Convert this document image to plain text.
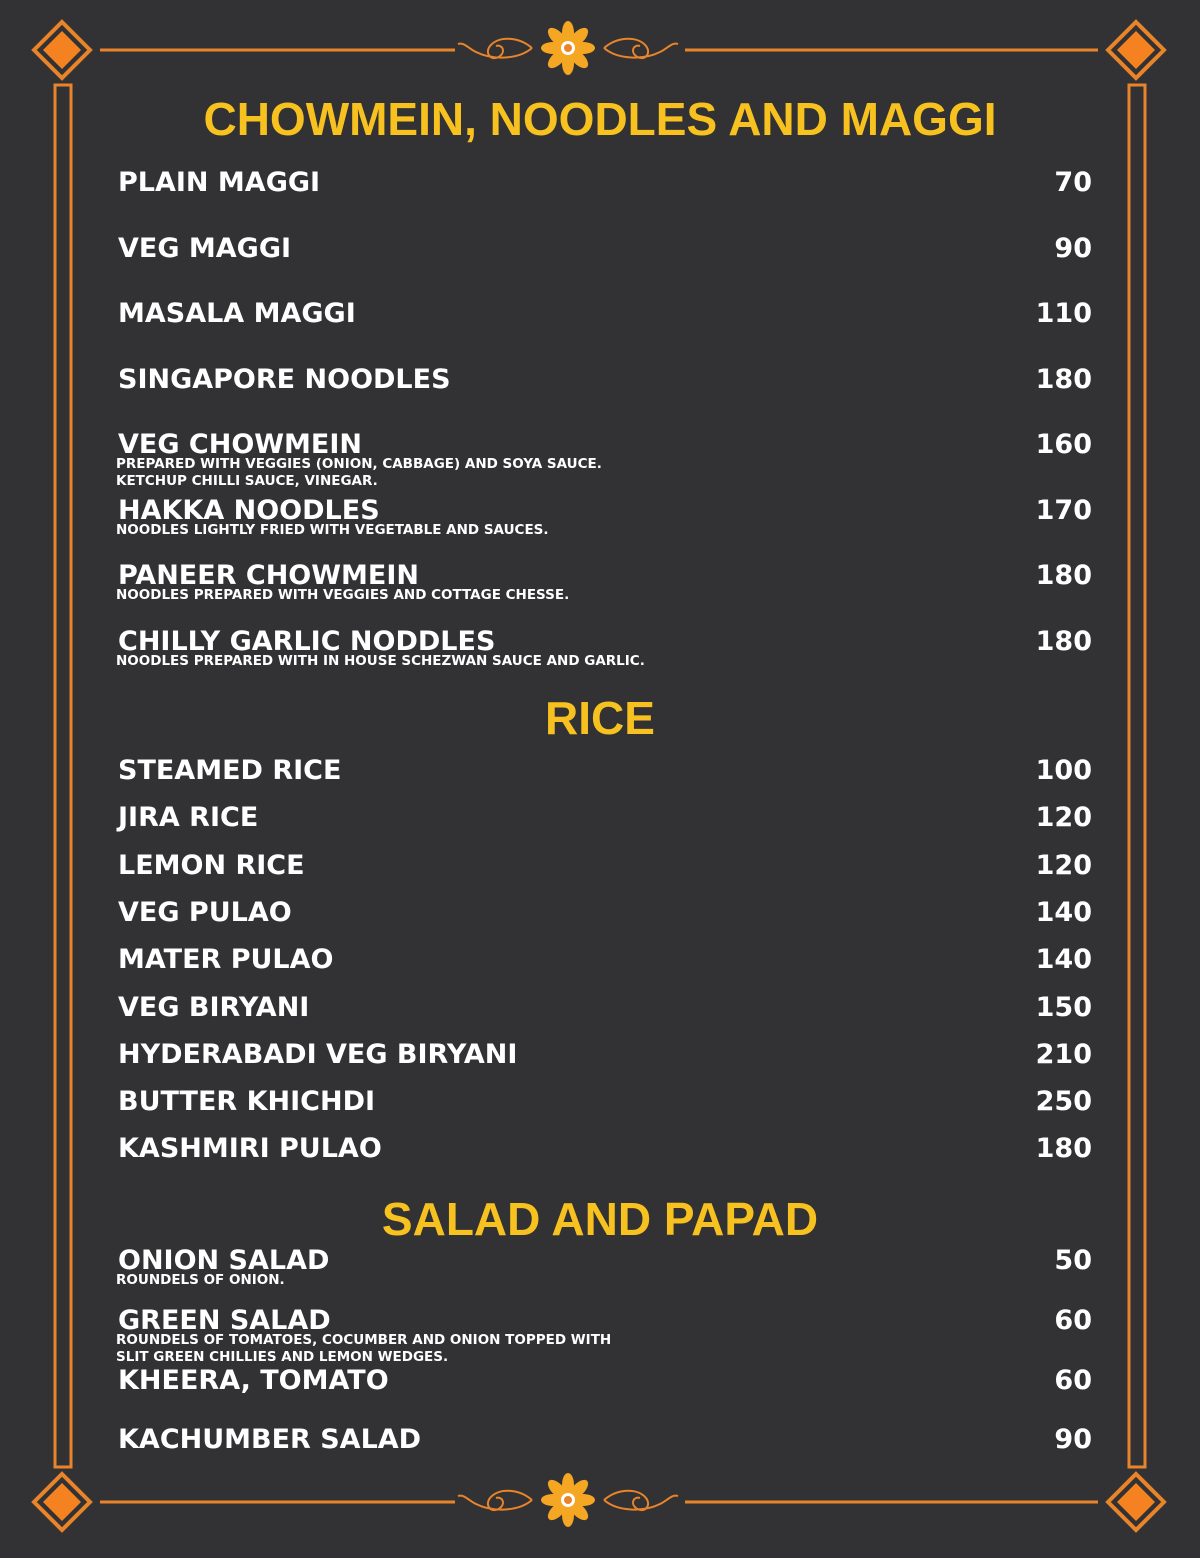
CHOWMEIN, NOODLES AND MAGGI
PLAIN MAGGI	70
VEG MAGGI	90
MASALA MAGGI	110
SINGAPORE NOODLES	180
VEG CHOWMEIN	160
PREPARED WITH VEGGIES (ONION, CABBAGE) AND SOYA SAUCE.
KETCHUP CHILLI SAUCE, VINEGAR.
HAKKA NOODLES	170
NOODLES LIGHTLY FRIED WITH VEGETABLE AND SAUCES.
PANEER CHOWMEIN	180
NOODLES PREPARED WITH VEGGIES AND COTTAGE CHESSE.
CHILLY GARLIC NODDLES	180
NOODLES PREPARED WITH IN HOUSE SCHEZWAN SAUCE AND GARLIC.
RICE
STEAMED RICE	100
JIRA RICE	120
LEMON RICE	120
VEG PULAO	140
MATER PULAO	140
VEG BIRYANI	150
HYDERABADI VEG BIRYANI	210
BUTTER KHICHDI	250
KASHMIRI PULAO	180
SALAD AND PAPAD
ONION SALAD	50
ROUNDELS OF ONION.
GREEN SALAD	60
ROUNDELS OF TOMATOES, COCUMBER AND ONION TOPPED WITH
SLIT GREEN CHILLIES AND LEMON WEDGES.
KHEERA, TOMATO	60
KACHUMBER SALAD	90
